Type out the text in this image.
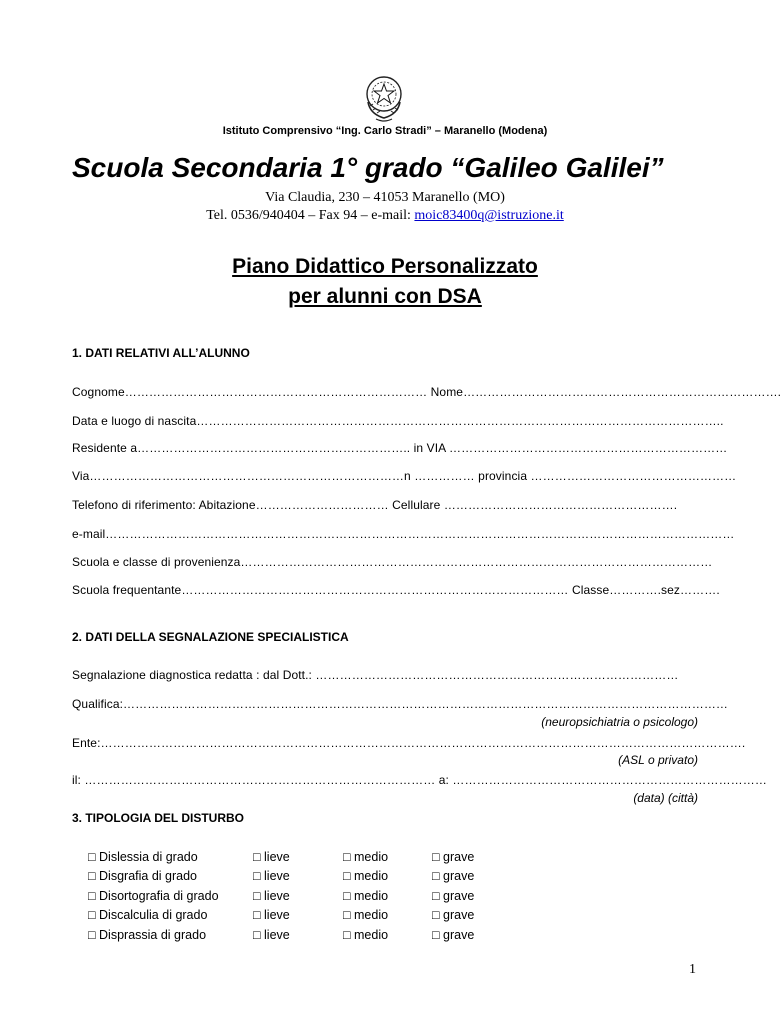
Istituto Comprensivo “Ing. Carlo Stradi” – Maranello (Modena)
Scuola Secondaria 1° grado “Galileo Galilei”
Via Claudia, 230 – 41053 Maranello (MO)
Tel. 0536/940404 – Fax 94 – e-mail: moic83400q@istruzione.it
Piano Didattico Personalizzato
per alunni con DSA
1. DATI RELATIVI ALL’ALUNNO
Cognome………………………………………………………………… Nome…………………………………………………………………….
Data e luogo di nascita…………………………………………………………………………………………………………………..
Residente a………………………………………………………….. in VIA ……………………………………………………………
Via……………………………………………………………………n …………… provincia ……………………………………………
Telefono di riferimento: Abitazione…………………………… Cellulare ………………………………………………….
e-mail…………………………………………………………………………………………………………………………………………
Scuola e classe di provenienza………………………………………………………………………………………………………
Scuola frequentante…………………………………………………………………………………… Classe………….sez……….
2. DATI DELLA SEGNALAZIONE SPECIALISTICA
Segnalazione diagnostica redatta : dal Dott.: ………………………………………………………………………………
Qualifica:……………………………………………………………………………………………………………………………………
(neuropsichiatria o psicologo)
Ente:…………………………………………………………………………………………………………………………………………….
(ASL o privato)
il: …………………………………………………………………………… a: ……………………………………………………………………
(data) (città)
3. TIPOLOGIA DEL DISTURBO
□ Dislessia di grado	□ lieve	□ medio	□ grave
□ Disgrafia di grado	□ lieve	□ medio	□ grave
□ Disortografia di grado	□ lieve	□ medio	□ grave
□ Discalculia di grado	□ lieve	□ medio	□ grave
□ Disprassia di grado	□ lieve	□ medio	□ grave
1
